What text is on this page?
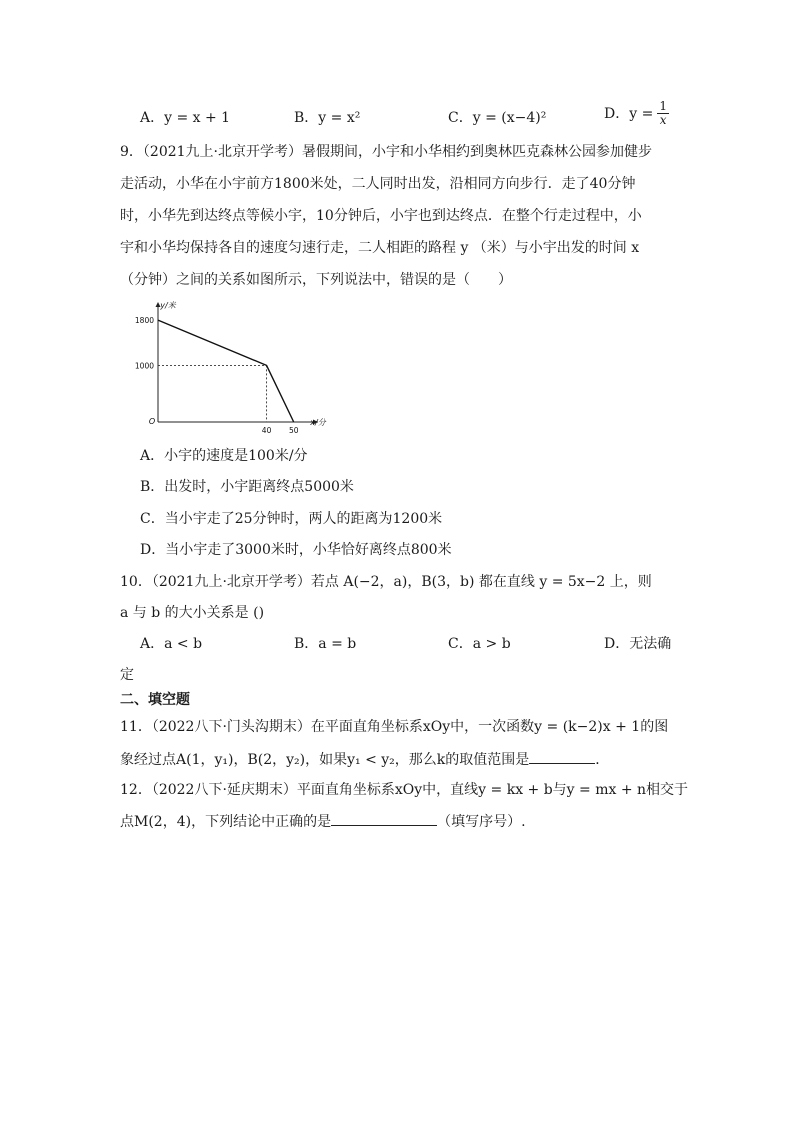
A．y = x + 1	B．y = x²	C．y = (x−4)²	D．$y = \frac{1}{x}$
9．（2021九上·北京开学考）暑假期间，小宇和小华相约到奥林匹克森林公园参加健步
走活动，小华在小宇前方1800米处，二人同时出发，沿相同方向步行．走了40分钟
时，小华先到达终点等候小宇，10分钟后，小宇也到达终点．在整个行走过程中，小
宇和小华均保持各自的速度匀速行走，二人相距的路程 y （米）与小宇出发的时间 x
（分钟）之间的关系如图所示，下列说法中，错误的是（　　）
y/米
x/分
O
1800
1000
40 50
A．小宇的速度是100米/分
B．出发时，小宇距离终点5000米
C．当小宇走了25分钟时，两人的距离为1200米
D．当小宇走了3000米时，小华恰好离终点800米
10．（2021九上·北京开学考）若点 A(−2，a)，B(3，b) 都在直线 y = 5x−2 上，则
a 与 b 的大小关系是 ()
A．a < b	B．a = b	C．a > b	D．无法确
定
二、填空题
11．（2022八下·门头沟期末）在平面直角坐标系xOy中，一次函数y = (k−2)x + 1的图
象经过点A(1，y₁)，B(2，y₂)，如果y₁ < y₂，那么k的取值范围是	．
12．（2022八下·延庆期末）平面直角坐标系xOy中，直线y = kx + b与y = mx + n相交于
点M(2，4)，下列结论中正确的是	（填写序号）.
